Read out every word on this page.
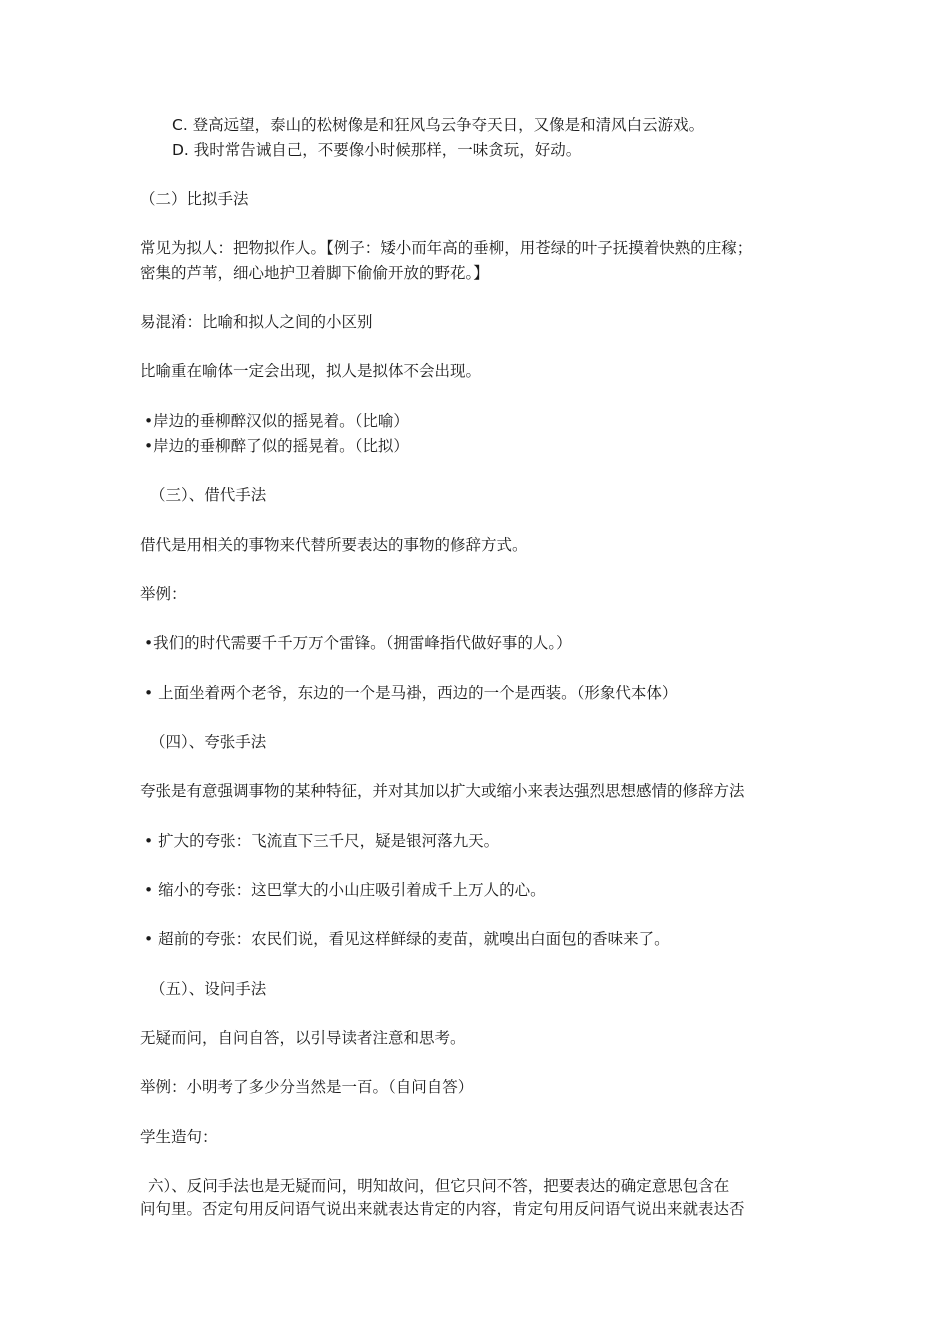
C. 登高远望，泰山的松树像是和狂风乌云争夺天日，又像是和清风白云游戏。
D. 我时常告诫自己，不要像小时候那样，一味贪玩，好动。
（二）比拟手法
常见为拟人：把物拟作人。【例子：矮小而年高的垂柳，用苍绿的叶子抚摸着快熟的庄稼；
密集的芦苇，细心地护卫着脚下偷偷开放的野花。】
易混淆：比喻和拟人之间的小区别
比喻重在喻体一定会出现，拟人是拟体不会出现。
•岸边的垂柳醉汉似的摇晃着。（比喻）
•岸边的垂柳醉了似的摇晃着。（比拟）
（三）、借代手法
借代是用相关的事物来代替所要表达的事物的修辞方式。
举例：
•我们的时代需要千千万万个雷锋。（拥雷峰指代做好事的人。）
• 上面坐着两个老爷，东边的一个是马褂，西边的一个是西装。（形象代本体）
（四）、夸张手法
夸张是有意强调事物的某种特征，并对其加以扩大或缩小来表达强烈思想感情的修辞方法
• 扩大的夸张：飞流直下三千尺，疑是银河落九天。
• 缩小的夸张：这巴掌大的小山庄吸引着成千上万人的心。
• 超前的夸张：农民们说，看见这样鲜绿的麦苗，就嗅出白面包的香味来了。
（五）、设问手法
无疑而问，自问自答，以引导读者注意和思考。
举例：小明考了多少分当然是一百。（自问自答）
学生造句：
六）、反问手法也是无疑而问，明知故问，但它只问不答，把要表达的确定意思包含在
问句里。否定句用反问语气说出来就表达肯定的内容，肯定句用反问语气说出来就表达否
